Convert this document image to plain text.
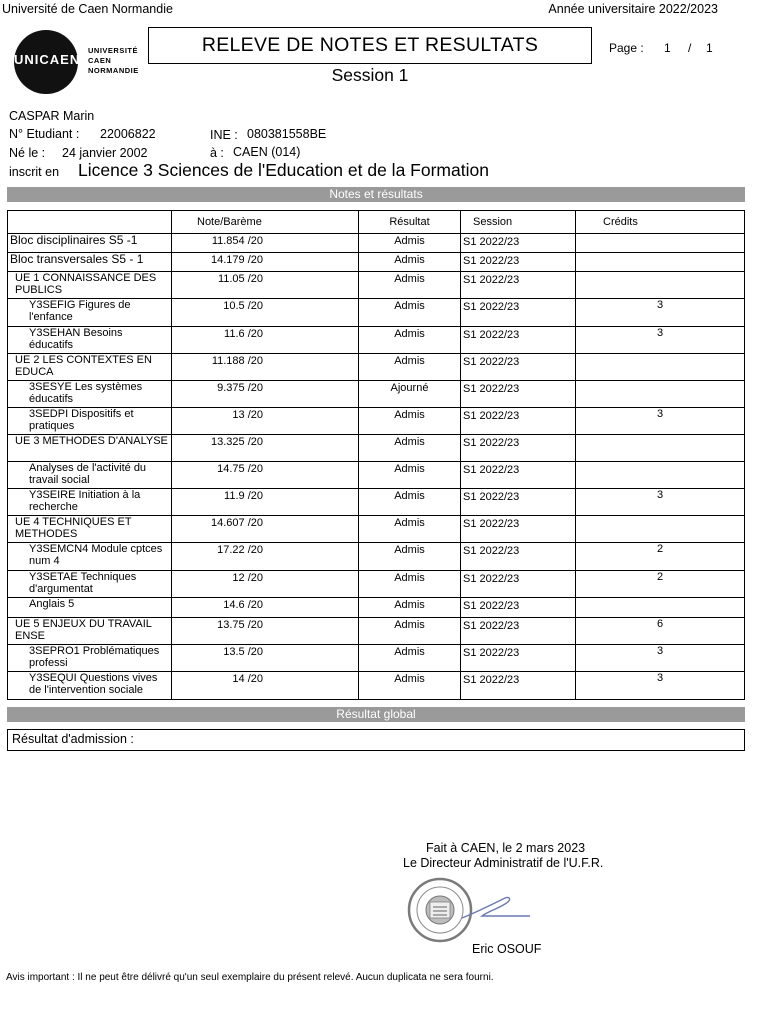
Université de Caen Normandie	Année universitaire 2022/2023
UNICAEN
UNIVERSITÉ
CAEN
NORMANDIE
RELEVE DE NOTES ET RESULTATS
Session 1
Page : 1 / 1
CASPAR Marin
N° Etudiant : 22006822	INE : 080381558BE
Né le : 24 janvier 2002	à : CAEN (014)
inscrit en Licence 3 Sciences de l'Education et de la Formation
Notes et résultats
	Note/Barème	Résultat	Session	Crédits
Bloc disciplinaires S5 -1	11.854 /20	Admis	S1 2022/23	
Bloc transversales S5 - 1	14.179 /20	Admis	S1 2022/23	
UE 1 CONNAISSANCE DES PUBLICS	11.05 /20	Admis	S1 2022/23	
Y3SEFIG Figures de l'enfance	10.5 /20	Admis	S1 2022/23	3
Y3SEHAN Besoins éducatifs	11.6 /20	Admis	S1 2022/23	3
UE 2 LES CONTEXTES EN EDUCA	11.188 /20	Admis	S1 2022/23	
3SESYE Les systèmes éducatifs	9.375 /20	Ajourné	S1 2022/23	
3SEDPI Dispositifs et pratiques	13 /20	Admis	S1 2022/23	3
UE 3 METHODES D'ANALYSE	13.325 /20	Admis	S1 2022/23	
Analyses de l'activité du travail social	14.75 /20	Admis	S1 2022/23	
Y3SEIRE Initiation à la recherche	11.9 /20	Admis	S1 2022/23	3
UE 4 TECHNIQUES ET METHODES	14.607 /20	Admis	S1 2022/23	
Y3SEMCN4 Module cptces num 4	17.22 /20	Admis	S1 2022/23	2
Y3SETAE Techniques d'argumentat	12 /20	Admis	S1 2022/23	2
Anglais 5	14.6 /20	Admis	S1 2022/23	
UE 5 ENJEUX DU TRAVAIL ENSE	13.75 /20	Admis	S1 2022/23	6
3SEPRO1 Problématiques professi	13.5 /20	Admis	S1 2022/23	3
Y3SEQUI Questions vives de l'intervention sociale	14 /20	Admis	S1 2022/23	3
Résultat global
Résultat d'admission :
Fait à CAEN, le 2 mars 2023
Le Directeur Administratif de l'U.F.R.
Eric OSOUF
Avis important : Il ne peut être délivré qu'un seul exemplaire du présent relevé. Aucun duplicata ne sera fourni.
